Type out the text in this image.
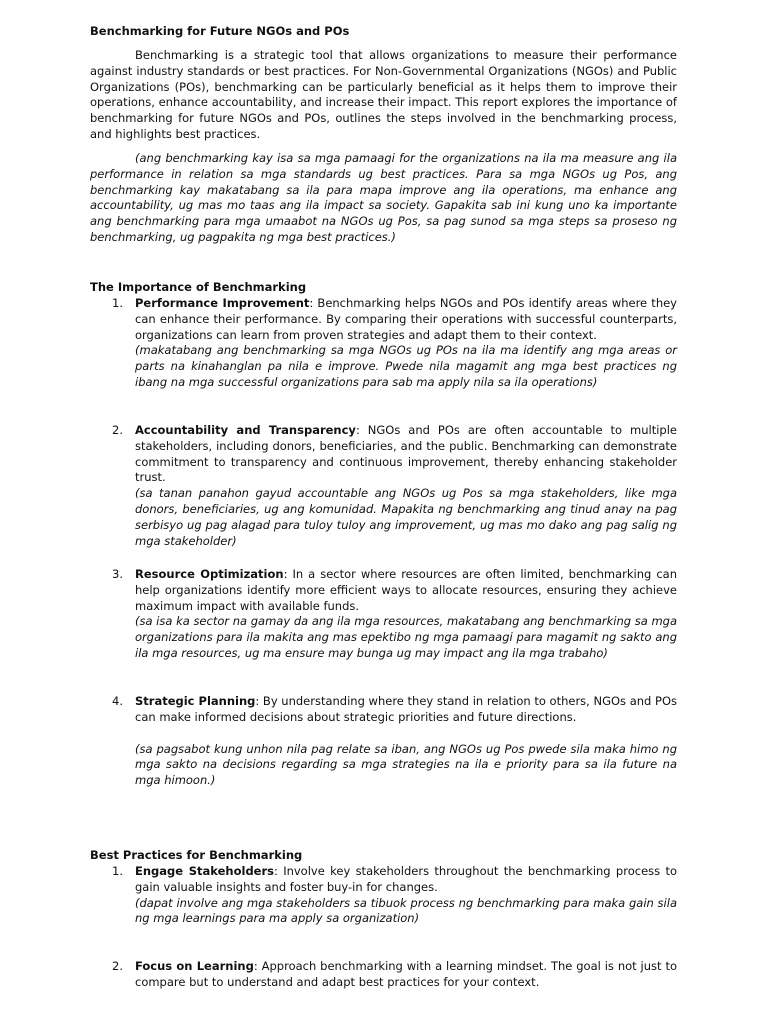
Benchmarking for Future NGOs and POs

Benchmarking is a strategic tool that allows organizations to measure their performance against industry standards or best practices. For Non-Governmental Organizations (NGOs) and Public Organizations (POs), benchmarking can be particularly beneficial as it helps them to improve their operations, enhance accountability, and increase their impact. This report explores the importance of benchmarking for future NGOs and POs, outlines the steps involved in the benchmarking process, and highlights best practices.

(ang benchmarking kay isa sa mga pamaagi for the organizations na ila ma measure ang ila performance in relation sa mga standards ug best practices. Para sa mga NGOs ug Pos, ang benchmarking kay makatabang sa ila para mapa improve ang ila operations, ma enhance ang accountability, ug mas mo taas ang ila impact sa society. Gapakita sab ini kung uno ka importante ang benchmarking para mga umaabot na NGOs ug Pos, sa pag sunod sa mga steps sa proseso ng benchmarking, ug pagpakita ng mga best practices.)

The Importance of Benchmarking
1. Performance Improvement: Benchmarking helps NGOs and POs identify areas where they can enhance their performance. By comparing their operations with successful counterparts, organizations can learn from proven strategies and adapt them to their context.
(makatabang ang benchmarking sa mga NGOs ug POs na ila ma identify ang mga areas or parts na kinahanglan pa nila e improve. Pwede nila magamit ang mga best practices ng ibang na mga successful organizations para sab ma apply nila sa ila operations)
2. Accountability and Transparency: NGOs and POs are often accountable to multiple stakeholders, including donors, beneficiaries, and the public. Benchmarking can demonstrate commitment to transparency and continuous improvement, thereby enhancing stakeholder trust.
(sa tanan panahon gayud accountable ang NGOs ug Pos sa mga stakeholders, like mga donors, beneficiaries, ug ang komunidad. Mapakita ng benchmarking ang tinud anay na pag serbisyo ug pag alagad para tuloy tuloy ang improvement, ug mas mo dako ang pag salig ng mga stakeholder)
3. Resource Optimization: In a sector where resources are often limited, benchmarking can help organizations identify more efficient ways to allocate resources, ensuring they achieve maximum impact with available funds.
(sa isa ka sector na gamay da ang ila mga resources, makatabang ang benchmarking sa mga organizations para ila makita ang mas epektibo ng mga pamaagi para magamit ng sakto ang ila mga resources, ug ma ensure may bunga ug may impact ang ila mga trabaho)
4. Strategic Planning: By understanding where they stand in relation to others, NGOs and POs can make informed decisions about strategic priorities and future directions.
(sa pagsabot kung unhon nila pag relate sa iban, ang NGOs ug Pos pwede sila maka himo ng mga sakto na decisions regarding sa mga strategies na ila e priority para sa ila future na mga himoon.)
Best Practices for Benchmarking
1. Engage Stakeholders: Involve key stakeholders throughout the benchmarking process to gain valuable insights and foster buy-in for changes.
(dapat involve ang mga stakeholders sa tibuok process ng benchmarking para maka gain sila ng mga learnings para ma apply sa organization)
2. Focus on Learning: Approach benchmarking with a learning mindset. The goal is not just to compare but to understand and adapt best practices for your context.
